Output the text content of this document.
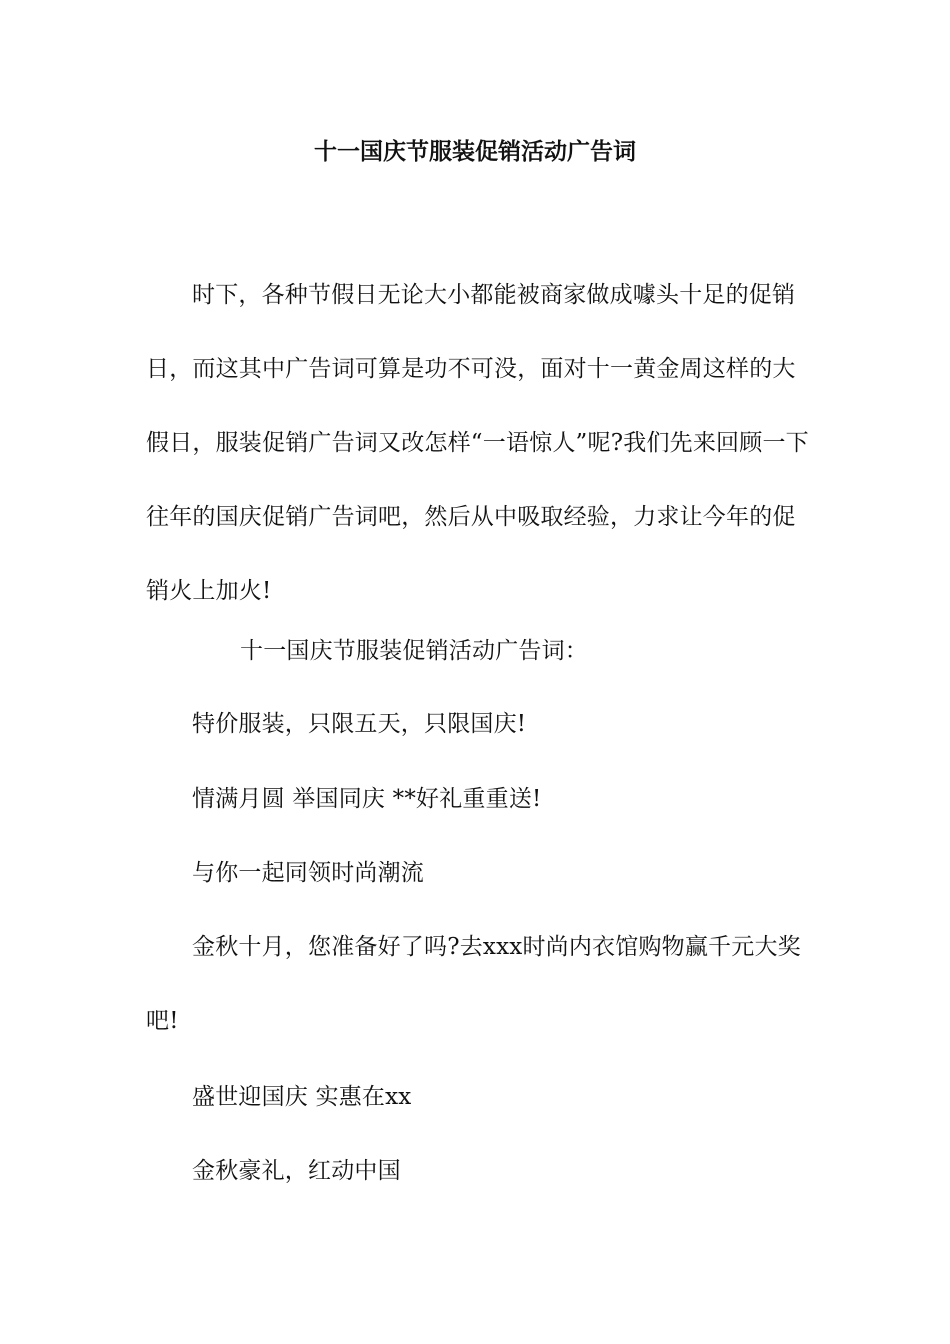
十一国庆节服装促销活动广告词

时下，各种节假日无论大小都能被商家做成噱头十足的促销日，而这其中广告词可算是功不可没，面对十一黄金周这样的大假日，服装促销广告词又改怎样“一语惊人”呢?我们先来回顾一下往年的国庆促销广告词吧，然后从中吸取经验，力求让今年的促销火上加火!

十一国庆节服装促销活动广告词：

特价服装，只限五天，只限国庆!

情满月圆 举国同庆 **好礼重重送!

与你一起同领时尚潮流

金秋十月，您准备好了吗?去xxx时尚内衣馆购物赢千元大奖吧!

盛世迎国庆 实惠在xx

金秋豪礼，红动中国
